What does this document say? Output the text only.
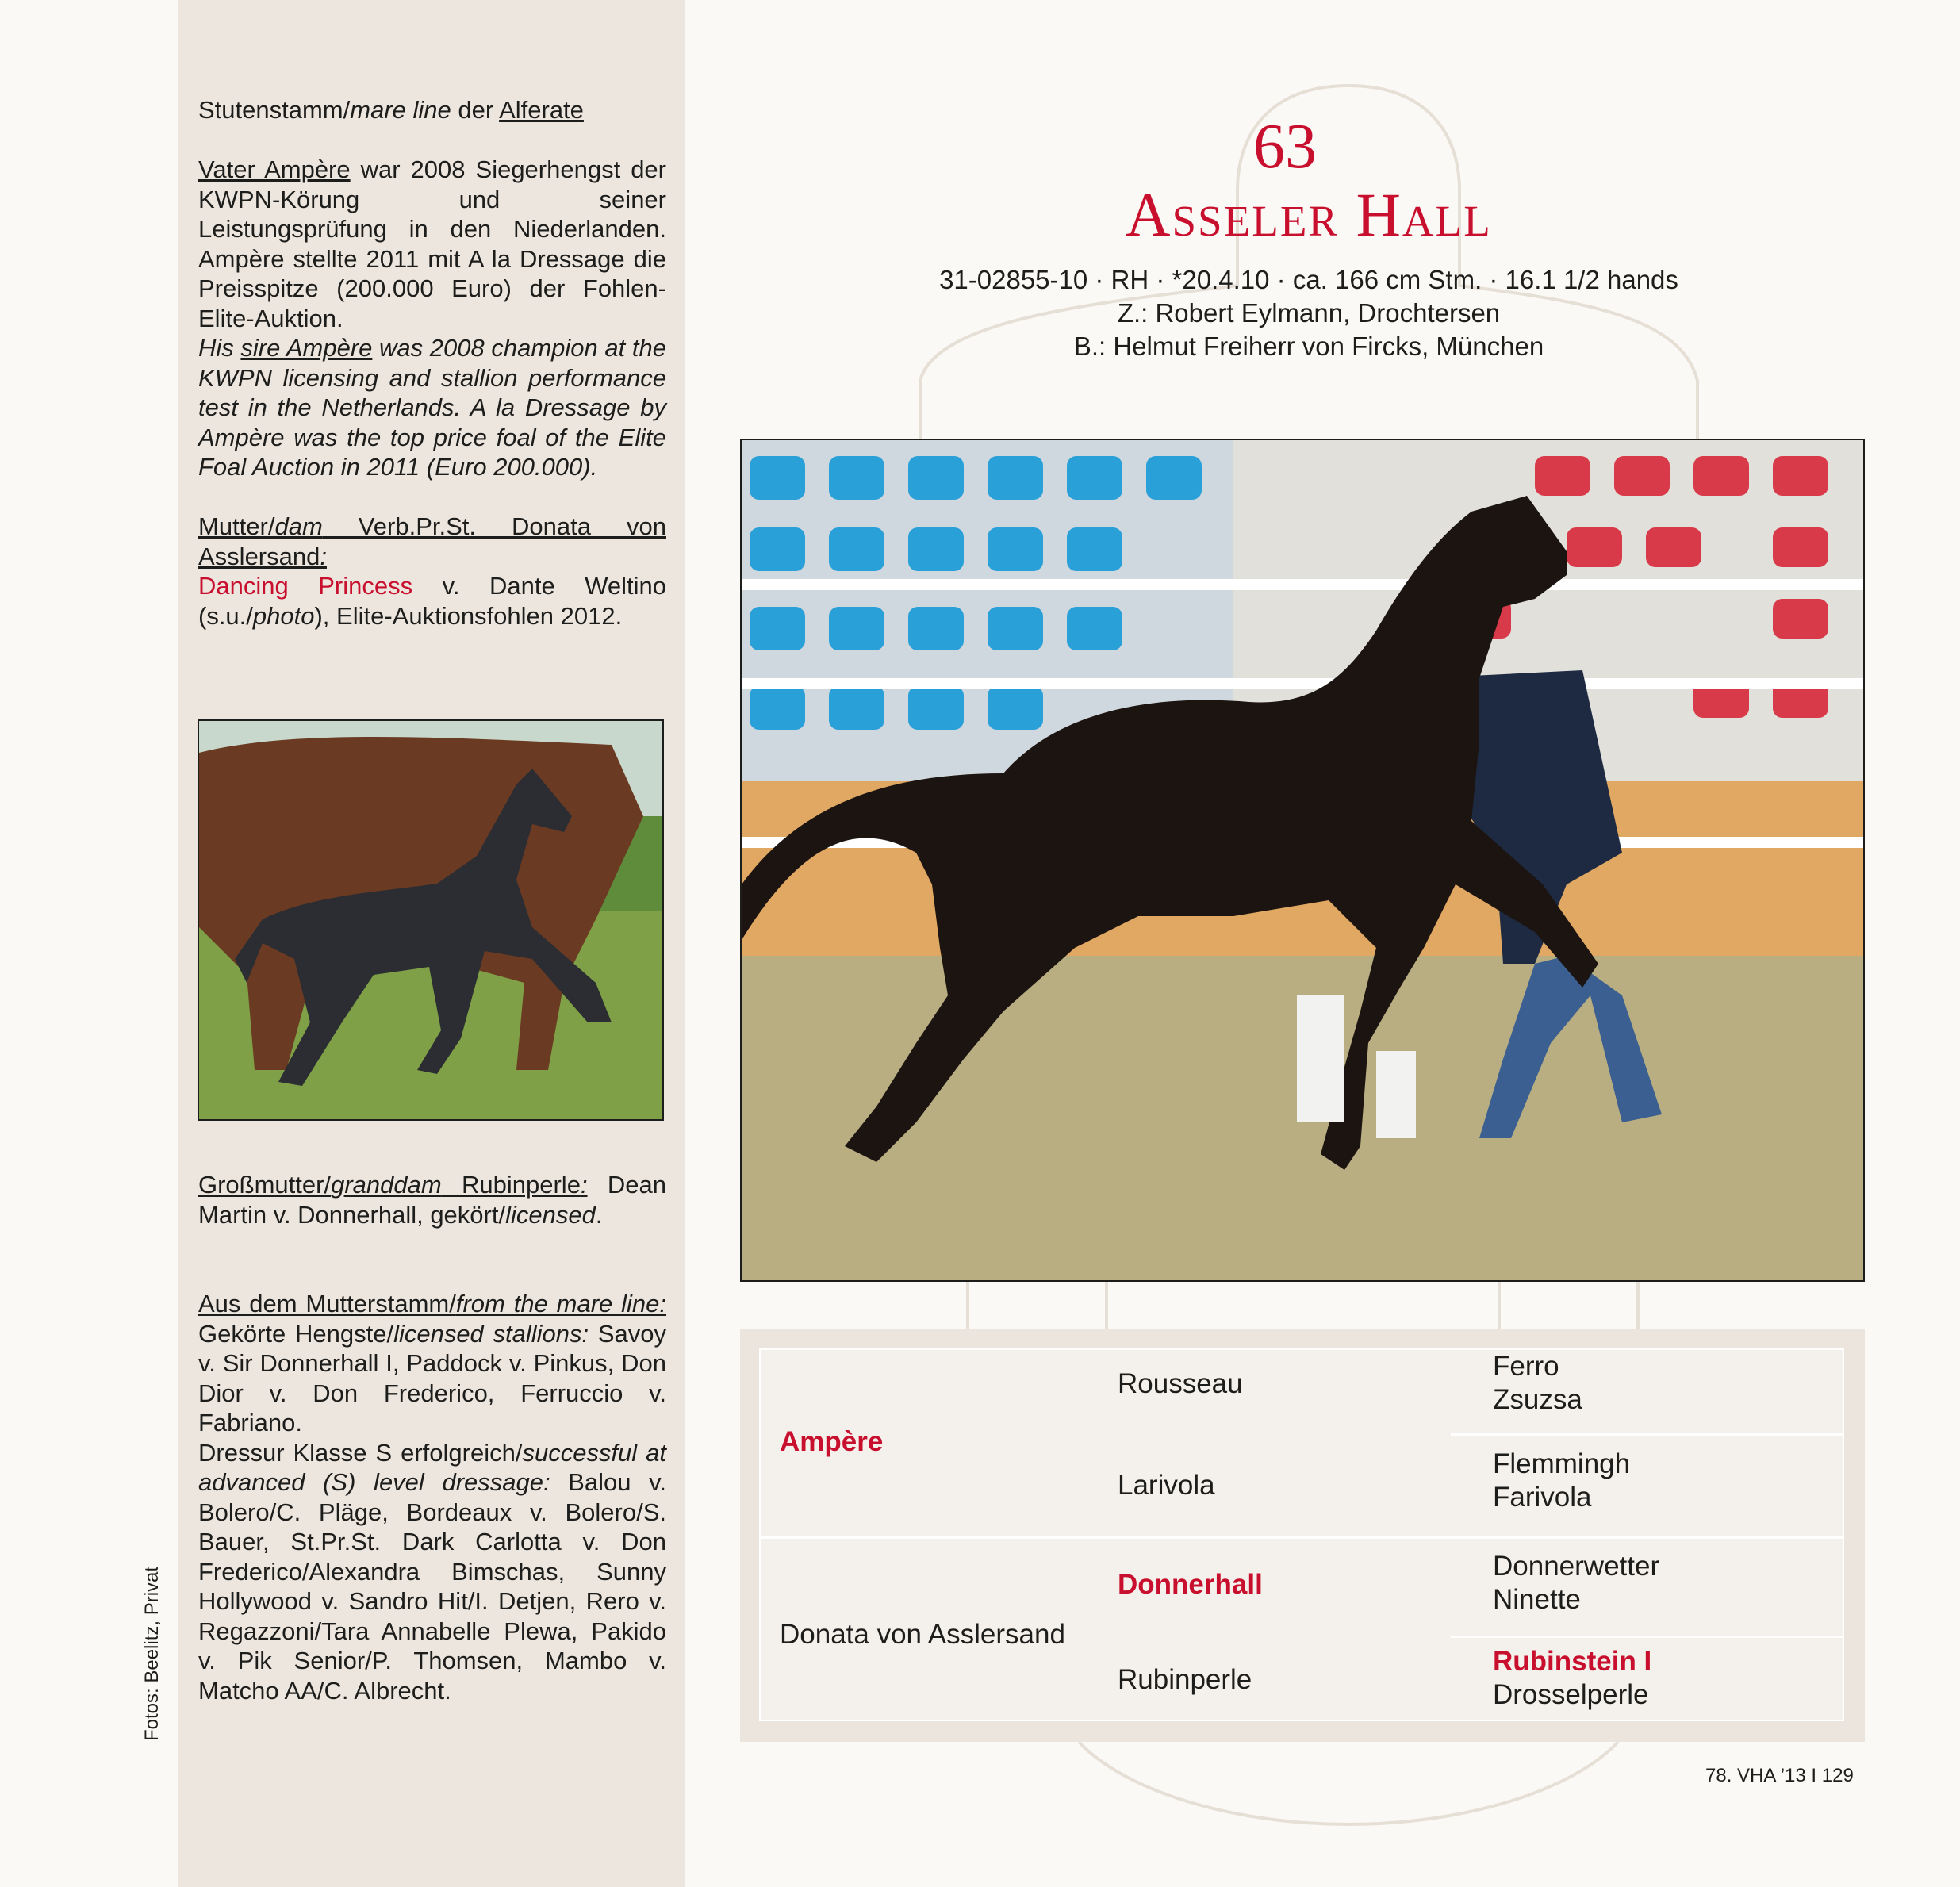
Stutenstamm/mare line der Alferate

Vater Ampère war 2008 Siegerhengst der KWPN-Körung und seiner Leistungsprüfung in den Niederlanden. Ampère stellte 2011 mit A la Dressage die Preisspitze (200.000 Euro) der Fohlen-Elite-Auktion.

His sire Ampère was 2008 champion at the KWPN licensing and stallion performance test in the Netherlands. A la Dressage by Ampère was the top price foal of the Elite Foal Auction in 2011 (Euro 200.000).

Mutter/dam Verb.Pr.St. Donata von Asslersand:

Dancing Princess v. Dante Weltino (s.u./photo), Elite-Auktionsfohlen 2012.

Großmutter/granddam Rubinperle: Dean Martin v. Donnerhall, gekört/licensed.

Aus dem Mutterstamm/from the mare line: Gekörte Hengste/licensed stallions: Savoy v. Sir Donnerhall I, Paddock v. Pinkus, Don Dior v. Don Frederico, Ferruccio v. Fabriano.

Dressur Klasse S erfolgreich/successful at advanced (S) level dressage: Balou v. Bolero/C. Pläge, Bordeaux v. Bolero/S. Bauer, St.Pr.St. Dark Carlotta v. Don Frederico/Alexandra Bimschas, Sunny Hollywood v. Sandro Hit/I. Detjen, Rero v. Regazzoni/Tara Annabelle Plewa, Pakido v. Pik Senior/P. Thomsen, Mambo v. Matcho AA/C. Albrecht.

Fotos: Beelitz, Privat
63
Asseler Hall
31-02855-10 · RH · *20.4.10 · ca. 166 cm Stm. · 16.1 1/2 hands
Z.: Robert Eylmann, Drochtersen
B.: Helmut Freiherr von Fircks, München
Ampère
Donata von Asslersand
Rousseau
Larivola
Donnerhall
Rubinperle
Ferro
Zsuzsa
Flemmingh
Farivola
Donnerwetter
Ninette
Rubinstein I
Drosselperle
78. VHA ’13 I 129
